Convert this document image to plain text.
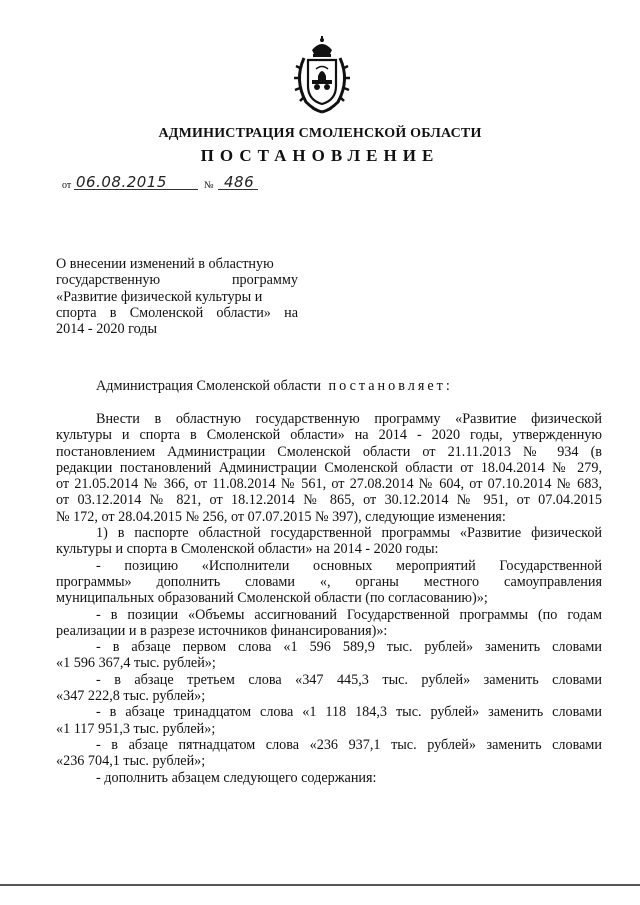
АДМИНИСТРАЦИЯ СМОЛЕНСКОЙ ОБЛАСТИ
ПОСТАНОВЛЕНИЕ
от 06.08.2015	№ 486
О внесении изменений в областную
государственную программу
«Развитие физической культуры и
спорта в Смоленской области» на
2014 - 2020 годы
Администрация Смоленской области постановляет:
Внести в областную государственную программу «Развитие физической
культуры и спорта в Смоленской области» на 2014 - 2020 годы, утвержденную
постановлением Администрации Смоленской области от 21.11.2013 № 934 (в
редакции постановлений Администрации Смоленской области от 18.04.2014 № 279,
от 21.05.2014 № 366, от 11.08.2014 № 561, от 27.08.2014 № 604, от 07.10.2014 № 683,
от 03.12.2014 № 821, от 18.12.2014 № 865, от 30.12.2014 № 951, от 07.04.2015
№ 172, от 28.04.2015 № 256, от 07.07.2015 № 397), следующие изменения:
1) в паспорте областной государственной программы «Развитие физической
культуры и спорта в Смоленской области» на 2014 - 2020 годы:
- позицию «Исполнители основных мероприятий Государственной
программы» дополнить словами «, органы местного самоуправления
муниципальных образований Смоленской области (по согласованию)»;
- в позиции «Объемы ассигнований Государственной программы (по годам
реализации и в разрезе источников финансирования)»:
- в абзаце первом слова «1 596 589,9 тыс. рублей» заменить словами
«1 596 367,4 тыс. рублей»;
- в абзаце третьем слова «347 445,3 тыс. рублей» заменить словами
«347 222,8 тыс. рублей»;
- в абзаце тринадцатом слова «1 118 184,3 тыс. рублей» заменить словами
«1 117 951,3 тыс. рублей»;
- в абзаце пятнадцатом слова «236 937,1 тыс. рублей» заменить словами
«236 704,1 тыс. рублей»;
- дополнить абзацем следующего содержания:
